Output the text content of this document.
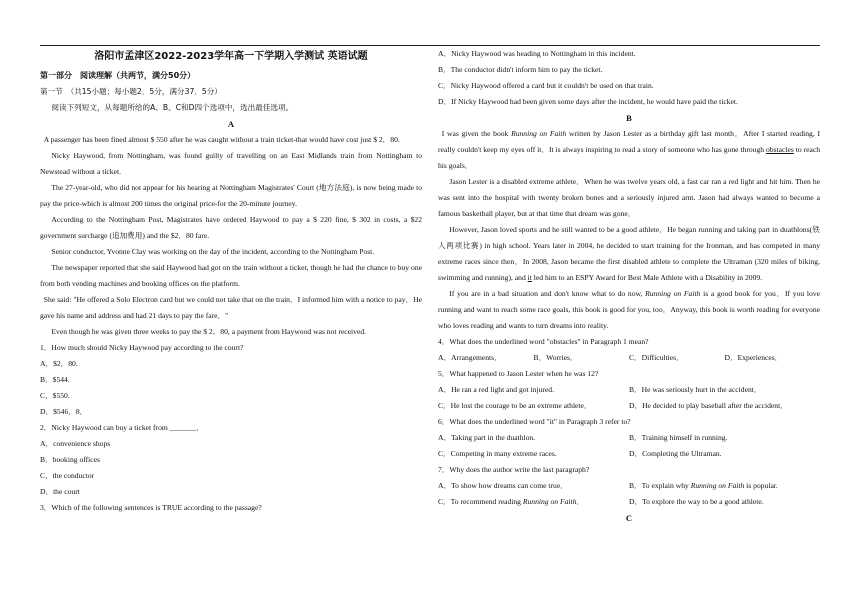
洛阳市孟津区2022-2023学年高一下学期入学测试 英语试题

第一部分　阅读理解（共两节，满分50分）

第一节　（共15小题；每小题2．5分，满分37．5分）

阅读下列短文，从每题所给的A、B、C和D四个选项中，选出最佳选项。

A

A passenger has been fined almost $ 550 after he was caught without a train ticket-that would have cost just $ 2．80.

Nicky Haywood, from Nottingham, was found guilty of travelling on an East Midlands train from Nottingham to Newstead without a ticket.

The 27-year-old, who did not appear for his hearing at Nottingham Magistrates' Court (地方法庭), is now being made to pay the price-which is almost 200 times the original price-for the 20-minute journey.

According to the Nottingham Post, Magistrates have ordered Haywood to pay a $ 220 fine, $ 302 in costs, a $22 government surcharge (追加费用) and the $2．80 fare.

Senior conductor, Yvonne Clay was working on the day of the incident, according to the Nottingham Post.

The newspaper reported that she said Haywood had got on the train without a ticket, though he had the chance to buy one from both vending machines and booking offices on the platform.

She said: "He offered a Solo Electron card but we could not take that on the train．I informed him with a notice to pay．He gave his name and address and had 21 days to pay the fare．"

Even though he was given three weeks to pay the $ 2．80, a payment from Haywood was not received.

1．How much should Nicky Haywood pay according to the court?

A．$2．80.

B．$544.

C．$550.

D．$546．8．

2．Nicky Haywood can buy a ticket from _______．

A．convenience shops

B．booking offices

C．the conductor

D．the court

3．Which of the following sentences is TRUE according to the passage?

A．Nicky Haywood was heading to Nottingham in this incident.

B．The conductor didn't inform him to pay the ticket.

C．Nicky Haywood offered a card but it couldn't be used on that train.

D．If Nicky Haywood had been given some days after the incident, he would have paid the ticket.

B

I was given the book Running on Faith written by Jason Lester as a birthday gift last month．After I started reading, I really couldn't keep my eyes off it．It is always inspiring to read a story of someone who has gone through obstacles to reach his goals．

Jason Lester is a disabled extreme athlete．When he was twelve years old, a fast car ran a red light and hit him. Then he was sent into the hospital with twenty broken bones and a seriously injured arm. Jason had always wanted to become a famous basketball player, but at that time that dream was gone．

However, Jason loved sports and he still wanted to be a good athlete．He began running and taking part in duathlons(铁人两项比赛) in high school. Years later in 2004, he decided to start training for the Ironman, and has competed in many extreme races since then．In 2008, Jason became the first disabled athlete to complete the Ultraman (320 miles of biking, swimming and running), and it led him to an ESPY Award for Best Male Athlete with a Disability in 2009.

If you are in a bad situation and don't know what to do now, Running on Faith is a good book for you．If you love running and want to reach some race goals, this book is good for you, too．Anyway, this book is worth reading for everyone who loves reading and wants to turn dreams into reality.

4．What does the underlined word "obstacles" in Paragraph 1 mean?

A．Arrangements．	B．Worries．	C．Difficulties．	D．Experiences．

5．What happened to Jason Lester when he was 12?

A．He ran a red light and got injured.	B．He was seriously hurt in the accident．
C．He lost the courage to be an extreme athlete．	D．He decided to play baseball after the accident．

6．What does the underlined word "it" in Paragraph 3 refer to?

A．Taking part in the duathlon.	B．Training himself in running.
C．Competing in many extreme races.	D．Completing the Ultraman.

7．Why does the author write the last paragraph?

A．To show how dreams can come true．	B．To explain why Running on Faith is popular.
C．To recommend reading Running on Faith．	D．To explore the way to be a good athlete.

C
